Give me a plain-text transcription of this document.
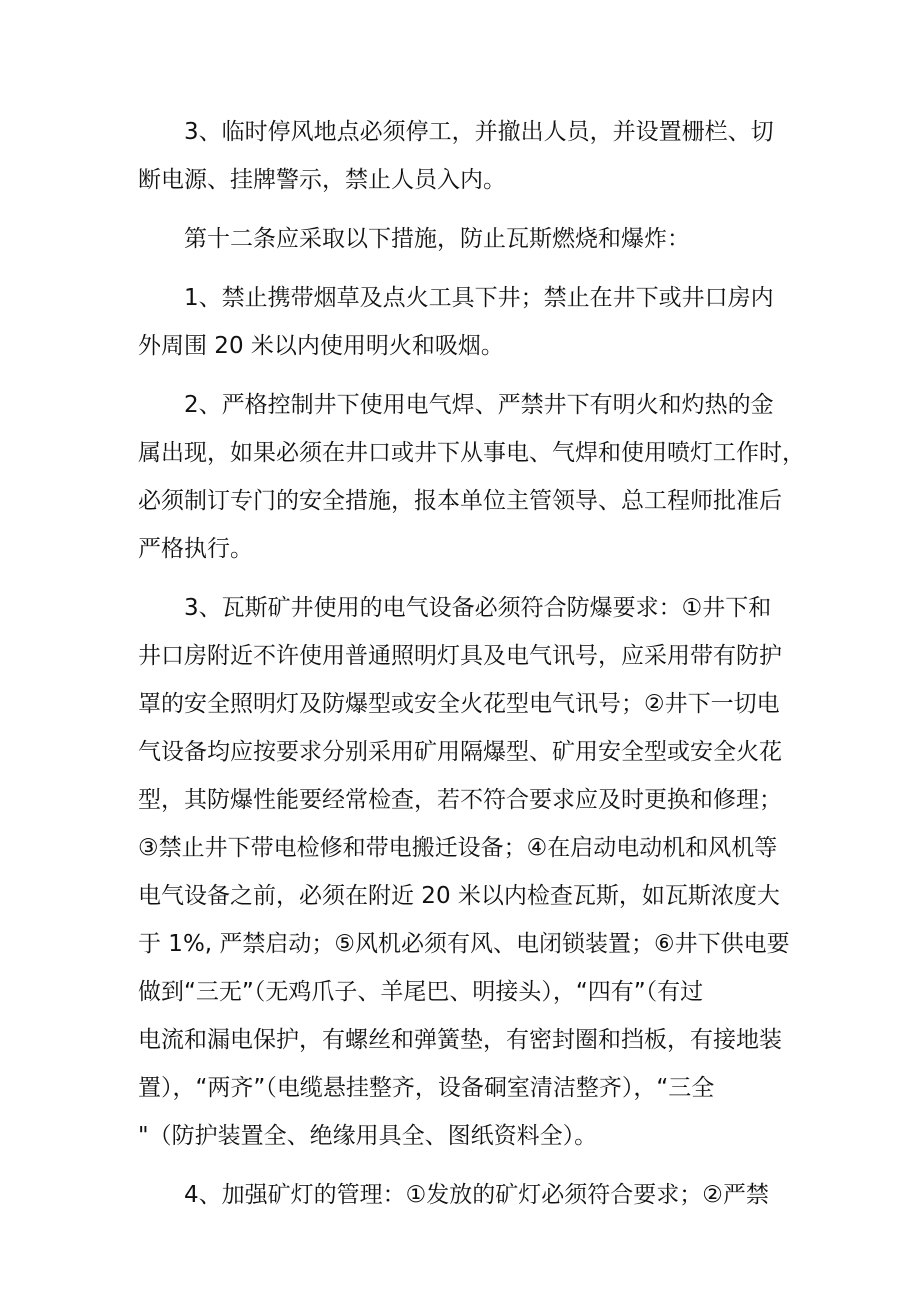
3、临时停风地点必须停工，并撤出人员，并设置栅栏、切
断电源、挂牌警示，禁止人员入内。
第十二条应采取以下措施，防止瓦斯燃烧和爆炸：
1、禁止携带烟草及点火工具下井；禁止在井下或井口房内
外周围 20 米以内使用明火和吸烟。
2、严格控制井下使用电气焊、严禁井下有明火和灼热的金
属出现，如果必须在井口或井下从事电、气焊和使用喷灯工作时，
必须制订专门的安全措施，报本单位主管领导、总工程师批准后
严格执行。
3、瓦斯矿井使用的电气设备必须符合防爆要求：①井下和
井口房附近不许使用普通照明灯具及电气讯号，应采用带有防护
罩的安全照明灯及防爆型或安全火花型电气讯号；②井下一切电
气设备均应按要求分别采用矿用隔爆型、矿用安全型或安全火花
型，其防爆性能要经常检查，若不符合要求应及时更换和修理；
③禁止井下带电检修和带电搬迁设备；④在启动电动机和风机等
电气设备之前，必须在附近 20 米以内检查瓦斯，如瓦斯浓度大
于 1%, 严禁启动；⑤风机必须有风、电闭锁装置；⑥井下供电要
做到“三无”（无鸡爪子、羊尾巴、明接头），“四有”（有过
电流和漏电保护，有螺丝和弹簧垫，有密封圈和挡板，有接地装
置），“两齐”（电缆悬挂整齐，设备硐室清洁整齐），“三全
"（防护装置全、绝缘用具全、图纸资料全）。
4、加强矿灯的管理：①发放的矿灯必须符合要求；②严禁
